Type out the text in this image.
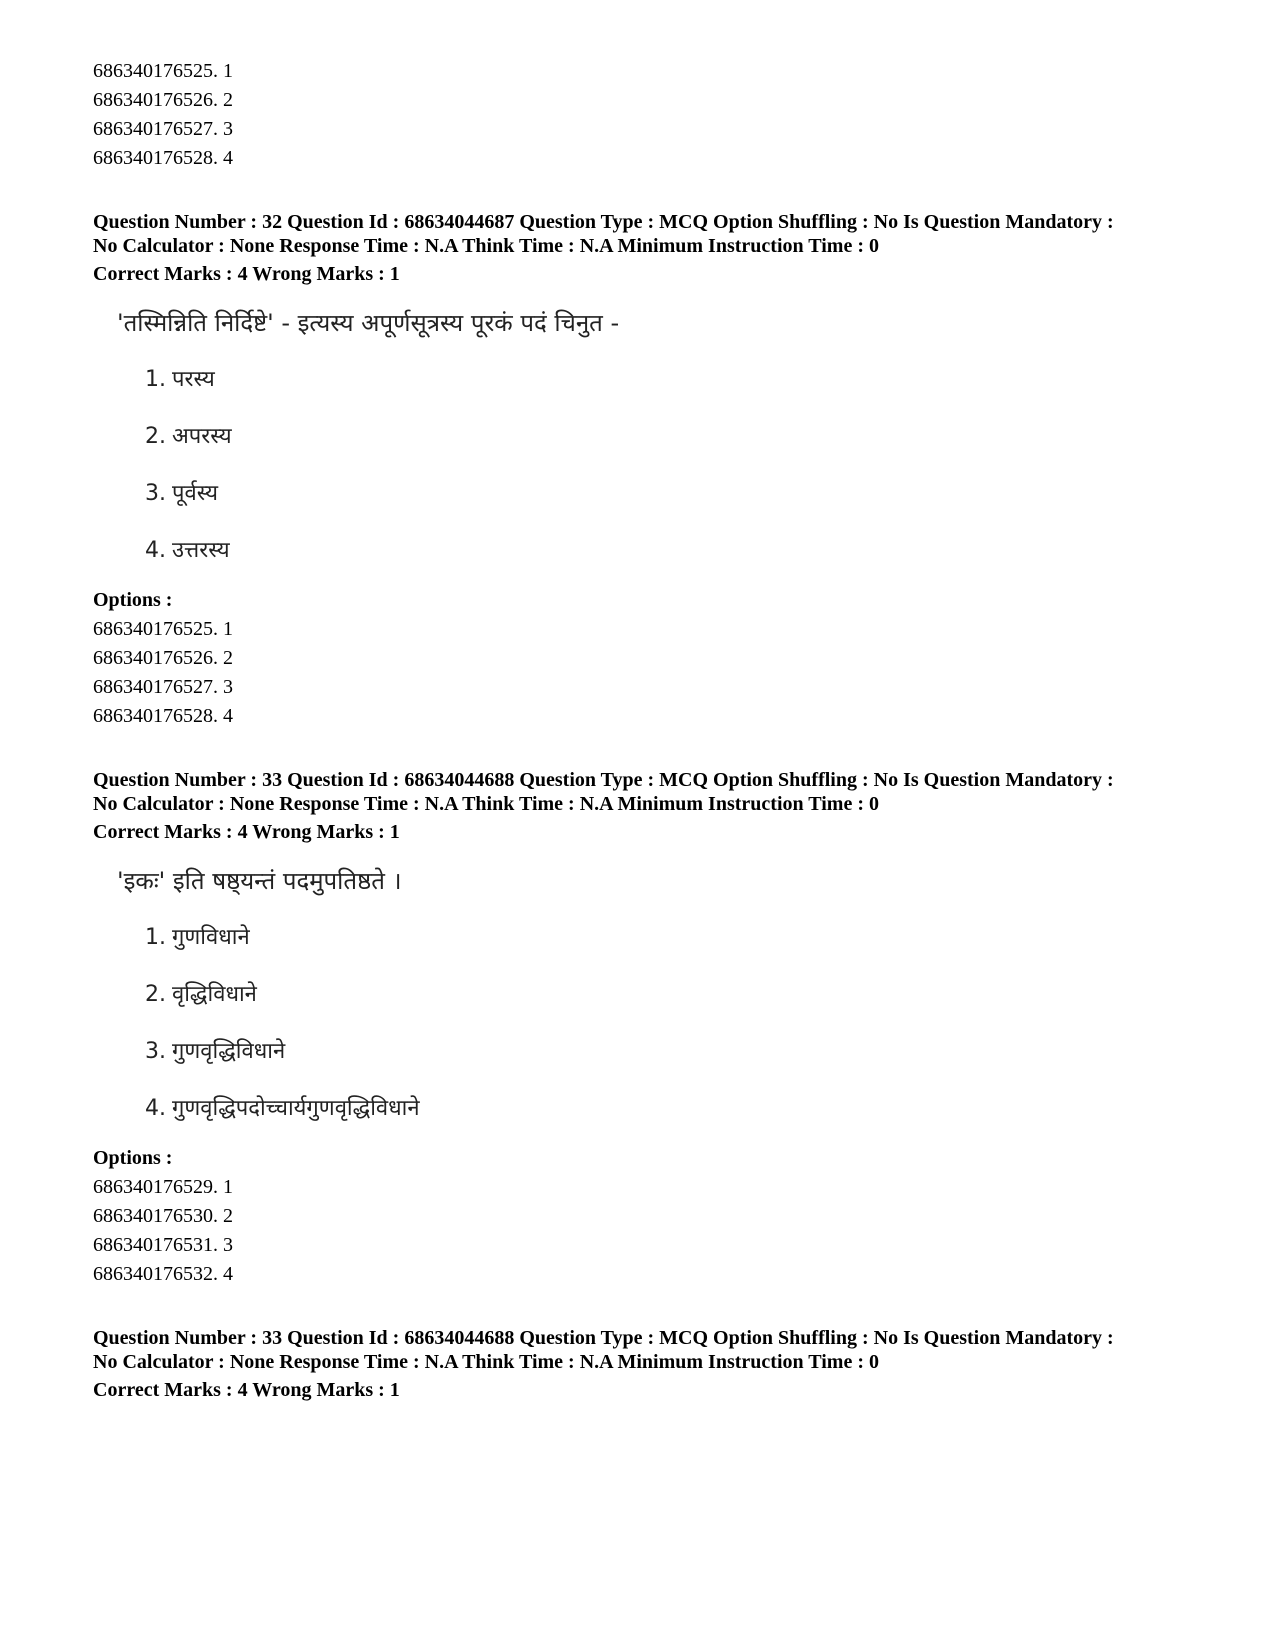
686340176525. 1
686340176526. 2
686340176527. 3
686340176528. 4
Question Number : 32 Question Id : 68634044687 Question Type : MCQ Option Shuffling : No Is Question Mandatory :
No Calculator : None Response Time : N.A Think Time : N.A Minimum Instruction Time : 0
Correct Marks : 4 Wrong Marks : 1
'तस्मिन्निति निर्दिष्टे' - इत्यस्य अपूर्णसूत्रस्य पूरकं पदं चिनुत -
1. परस्य
2. अपरस्य
3. पूर्वस्य
4. उत्तरस्य
Options :
686340176525. 1
686340176526. 2
686340176527. 3
686340176528. 4
Question Number : 33 Question Id : 68634044688 Question Type : MCQ Option Shuffling : No Is Question Mandatory :
No Calculator : None Response Time : N.A Think Time : N.A Minimum Instruction Time : 0
Correct Marks : 4 Wrong Marks : 1
'इकः' इति षष्ठ्यन्तं पदमुपतिष्ठते ।
1. गुणविधाने
2. वृद्धिविधाने
3. गुणवृद्धिविधाने
4. गुणवृद्धिपदोच्चार्यगुणवृद्धिविधाने
Options :
686340176529. 1
686340176530. 2
686340176531. 3
686340176532. 4
Question Number : 33 Question Id : 68634044688 Question Type : MCQ Option Shuffling : No Is Question Mandatory :
No Calculator : None Response Time : N.A Think Time : N.A Minimum Instruction Time : 0
Correct Marks : 4 Wrong Marks : 1
